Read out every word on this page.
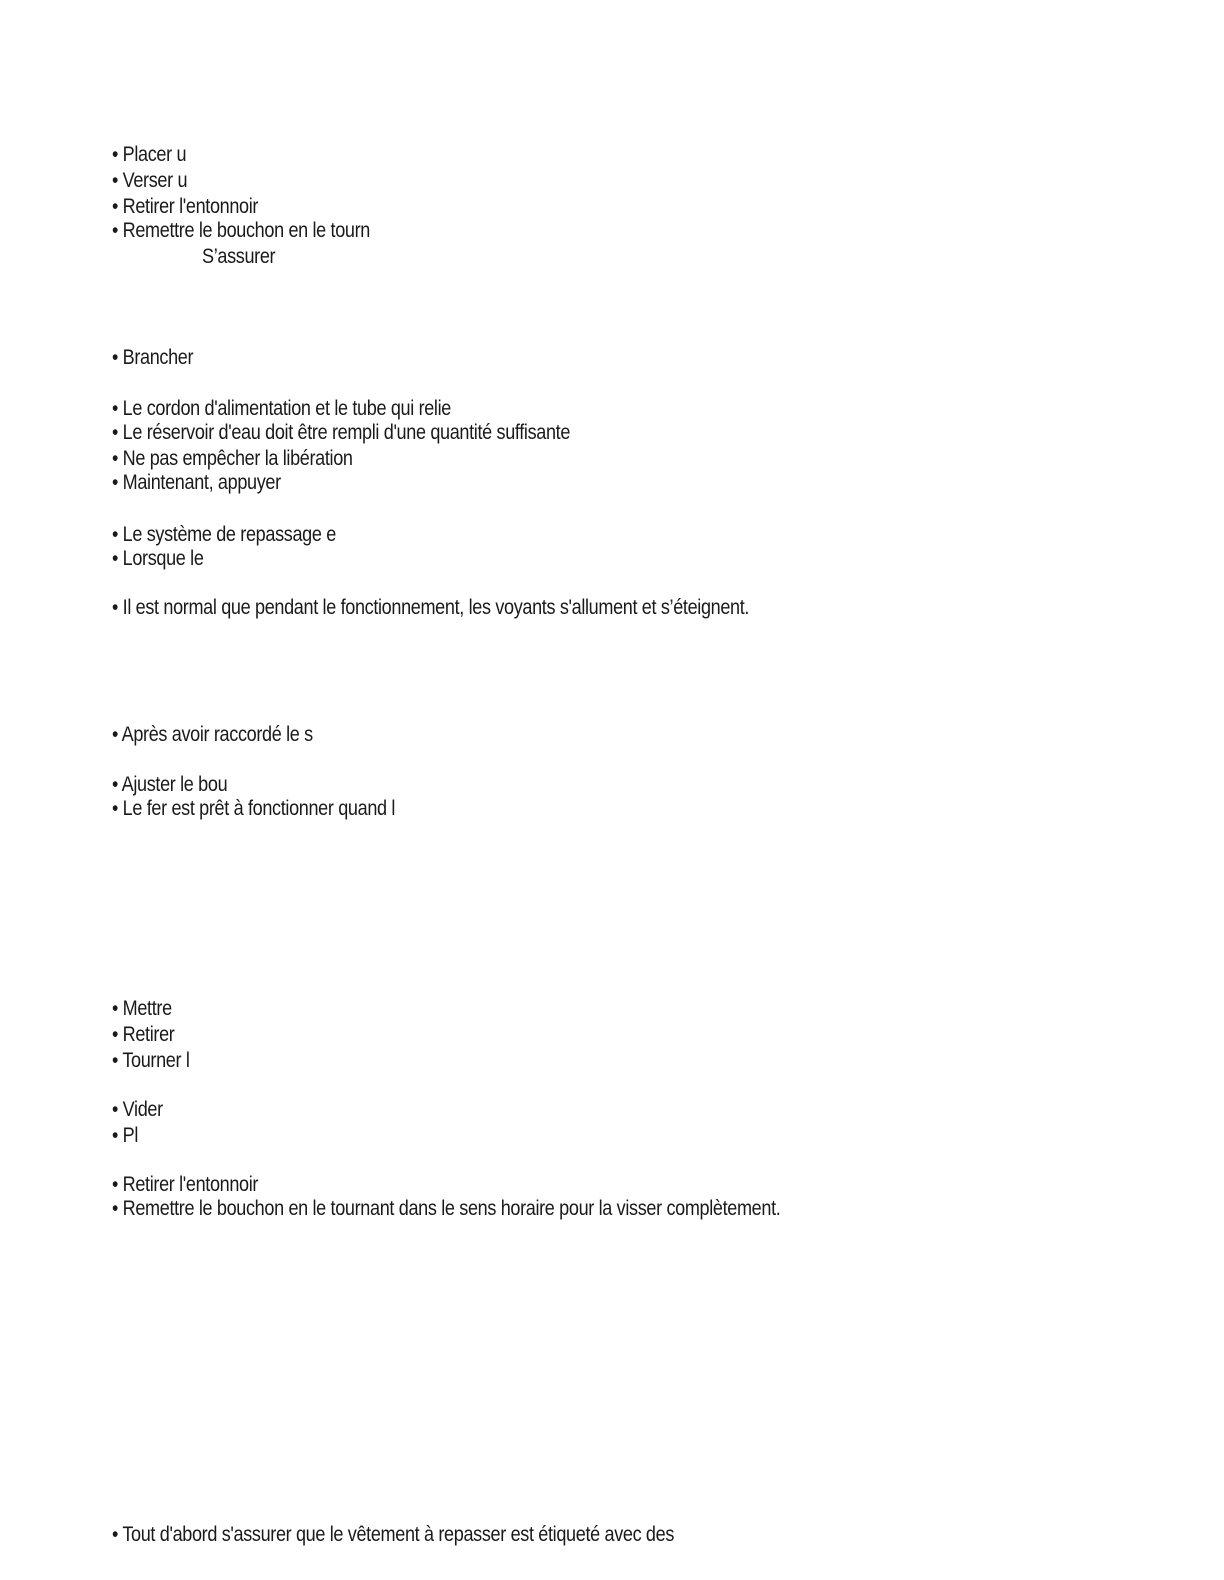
• Placer u
• Verser u
• Retirer l'entonnoir
• Remettre le bouchon en le tourn
S’assurer
• Brancher
• Le cordon d'alimentation et le tube qui relie
• Le réservoir d'eau doit être rempli d'une quantité suffisante
• Ne pas empêcher la libération
• Maintenant, appuyer
• Le système de repassage e
• Lorsque le
• Il est normal que pendant le fonctionnement, les voyants s'allument et s’éteignent.
• Après avoir raccordé le s
• Ajuster le bou
• Le fer est prêt à fonctionner quand l
• Mettre
• Retirer
• Tourner l
• Vider
• Pl
• Retirer l'entonnoir
• Remettre le bouchon en le tournant dans le sens horaire pour la visser complètement.
• Tout d'abord s'assurer que le vêtement à repasser est étiqueté avec des
